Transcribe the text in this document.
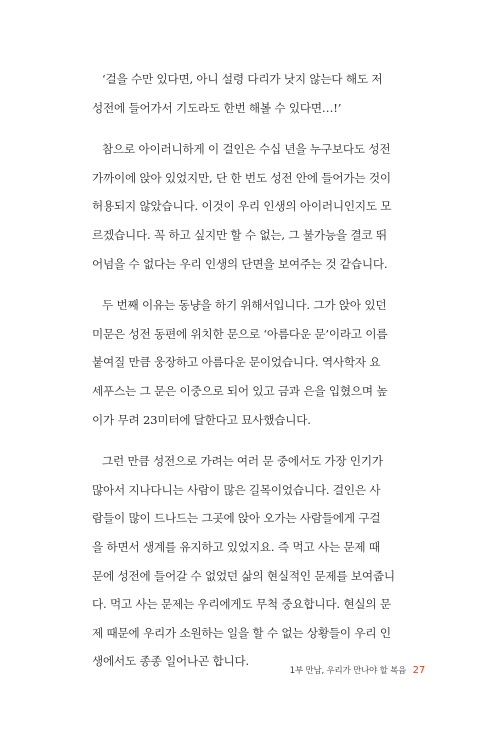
‘걸을 수만 있다면, 아니 설령 다리가 낫지 않는다 해도 저
성전에 들어가서 기도라도 한번 해볼 수 있다면…!’

참으로 아이러니하게 이 걸인은 수십 년을 누구보다도 성전
가까이에 앉아 있었지만, 단 한 번도 성전 안에 들어가는 것이
허용되지 않았습니다. 이것이 우리 인생의 아이러니인지도 모
르겠습니다. 꼭 하고 싶지만 할 수 없는, 그 불가능을 결코 뛰
어넘을 수 없다는 우리 인생의 단면을 보여주는 것 같습니다.

두 번째 이유는 동냥을 하기 위해서입니다. 그가 앉아 있던
미문은 성전 동편에 위치한 문으로 ‘아름다운 문’이라고 이름
붙여질 만큼 웅장하고 아름다운 문이었습니다. 역사학자 요
세푸스는 그 문은 이중으로 되어 있고 금과 은을 입혔으며 높
이가 무려 23미터에 달한다고 묘사했습니다.

그런 만큼 성전으로 가려는 여러 문 중에서도 가장 인기가
많아서 지나다니는 사람이 많은 길목이었습니다. 걸인은 사
람들이 많이 드나드는 그곳에 앉아 오가는 사람들에게 구걸
을 하면서 생계를 유지하고 있었지요. 즉 먹고 사는 문제 때
문에 성전에 들어갈 수 없었던 삶의 현실적인 문제를 보여줍니
다. 먹고 사는 문제는 우리에게도 무척 중요합니다. 현실의 문
제 때문에 우리가 소원하는 일을 할 수 없는 상황들이 우리 인
생에서도 종종 일어나곤 합니다.

1부 만남, 우리가 만나야 할 복음 27
